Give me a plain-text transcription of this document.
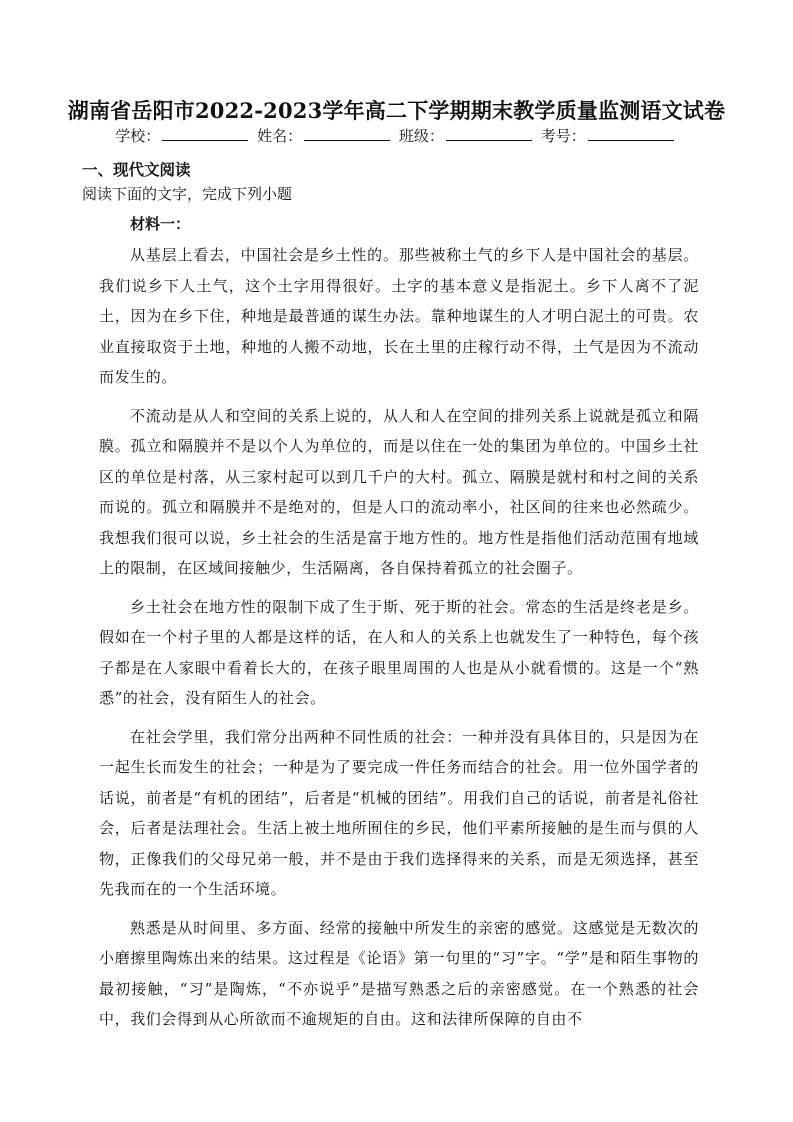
湖南省岳阳市2022-2023学年高二下学期期末教学质量监测语文试卷
学校：	姓名：	班级：	考号：
一、现代文阅读
阅读下面的文字，完成下列小题
材料一：

从基层上看去，中国社会是乡土性的。那些被称土气的乡下人是中国社会的基层。我们说乡下人土气，这个土字用得很好。土字的基本意义是指泥土。乡下人离不了泥土，因为在乡下住，种地是最普通的谋生办法。靠种地谋生的人才明白泥土的可贵。农业直接取资于土地，种地的人搬不动地，长在土里的庄稼行动不得，土气是因为不流动而发生的。

不流动是从人和空间的关系上说的，从人和人在空间的排列关系上说就是孤立和隔膜。孤立和隔膜并不是以个人为单位的，而是以住在一处的集团为单位的。中国乡土社区的单位是村落，从三家村起可以到几千户的大村。孤立、隔膜是就村和村之间的关系而说的。孤立和隔膜并不是绝对的，但是人口的流动率小，社区间的往来也必然疏少。我想我们很可以说，乡土社会的生活是富于地方性的。地方性是指他们活动范围有地域上的限制，在区域间接触少，生活隔离，各自保持着孤立的社会圈子。

乡土社会在地方性的限制下成了生于斯、死于斯的社会。常态的生活是终老是乡。假如在一个村子里的人都是这样的话，在人和人的关系上也就发生了一种特色，每个孩子都是在人家眼中看着长大的，在孩子眼里周围的人也是从小就看惯的。这是一个“熟悉”的社会，没有陌生人的社会。

在社会学里，我们常分出两种不同性质的社会：一种并没有具体目的，只是因为在一起生长而发生的社会；一种是为了要完成一件任务而结合的社会。用一位外国学者的话说，前者是“有机的团结”，后者是“机械的团结”。用我们自己的话说，前者是礼俗社会，后者是法理社会。生活上被土地所囿住的乡民，他们平素所接触的是生而与俱的人物，正像我们的父母兄弟一般，并不是由于我们选择得来的关系，而是无须选择，甚至先我而在的一个生活环境。

熟悉是从时间里、多方面、经常的接触中所发生的亲密的感觉。这感觉是无数次的小磨擦里陶炼出来的结果。这过程是《论语》第一句里的“习”字。“学”是和陌生事物的最初接触，“习”是陶炼，“不亦说乎”是描写熟悉之后的亲密感觉。在一个熟悉的社会中，我们会得到从心所欲而不逾规矩的自由。这和法律所保障的自由不
